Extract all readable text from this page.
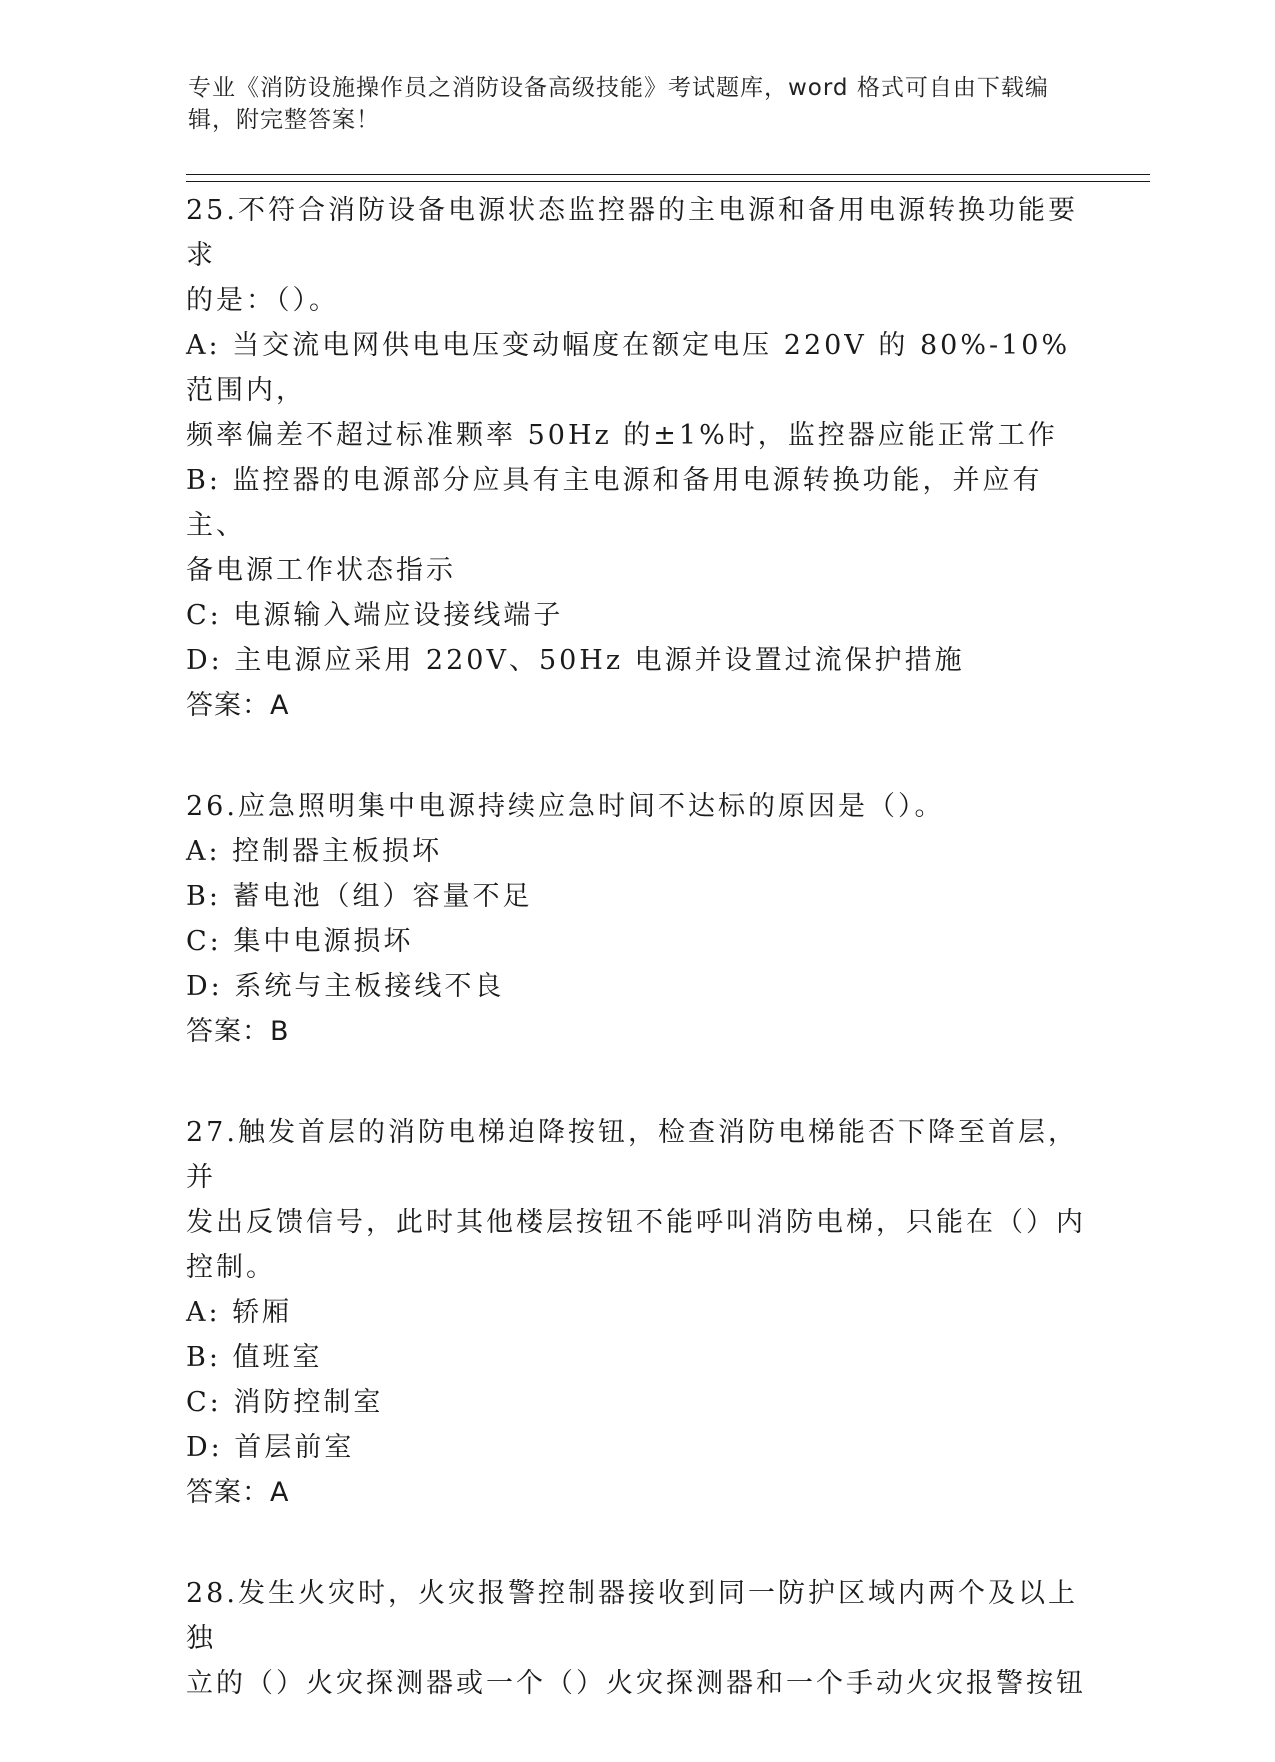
专业《消防设施操作员之消防设备高级技能》考试题库，word 格式可自由下载编
辑，附完整答案！

25.不符合消防设备电源状态监控器的主电源和备用电源转换功能要求

的是：（）。

A: 当交流电网供电电压变动幅度在额定电压 220V 的 80%-10%范围内，

频率偏差不超过标准颗率 50Hz 的±1%时，监控器应能正常工作

B: 监控器的电源部分应具有主电源和备用电源转换功能，并应有主、

备电源工作状态指示

C: 电源输入端应设接线端子

D: 主电源应采用 220V、50Hz 电源并设置过流保护措施

答案：A

26.应急照明集中电源持续应急时间不达标的原因是（）。

A: 控制器主板损坏

B: 蓄电池（组）容量不足

C: 集中电源损坏

D: 系统与主板接线不良

答案：B

27.触发首层的消防电梯迫降按钮，检查消防电梯能否下降至首层，并

发出反馈信号，此时其他楼层按钮不能呼叫消防电梯，只能在（）内

控制。

A: 轿厢

B: 值班室

C: 消防控制室

D: 首层前室

答案：A

28.发生火灾时，火灾报警控制器接收到同一防护区域内两个及以上独

立的（）火灾探测器或一个（）火灾探测器和一个手动火灾报警按钮
